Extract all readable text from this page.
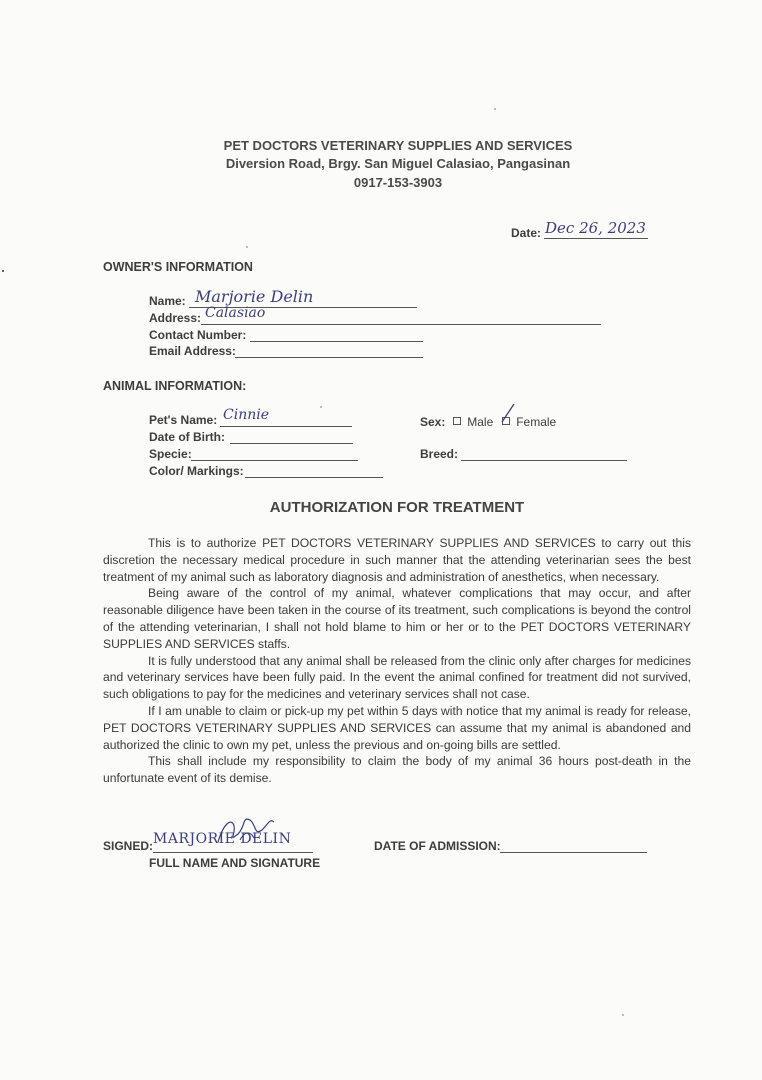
PET DOCTORS VETERINARY SUPPLIES AND SERVICES
Diversion Road, Brgy. San Miguel Calasiao, Pangasinan
0917-153-3903
Date: Dec 26, 2023
OWNER'S INFORMATION
Name: Marjorie Delin
Address: Calasiao
Contact Number:
Email Address:
ANIMAL INFORMATION:
Pet's Name: Cinnie
Date of Birth:
Specie:
Color/ Markings:
Sex: Male Female
Breed:
AUTHORIZATION FOR TREATMENT

This is to authorize PET DOCTORS VETERINARY SUPPLIES AND SERVICES to carry out this discretion the necessary medical procedure in such manner that the attending veterinarian sees the best treatment of my animal such as laboratory diagnosis and administration of anesthetics, when necessary.

Being aware of the control of my animal, whatever complications that may occur, and after reasonable diligence have been taken in the course of its treatment, such complications is beyond the control of the attending veterinarian, I shall not hold blame to him or her or to the PET DOCTORS VETERINARY SUPPLIES AND SERVICES staffs.

It is fully understood that any animal shall be released from the clinic only after charges for medicines and veterinary services have been fully paid. In the event the animal confined for treatment did not survived, such obligations to pay for the medicines and veterinary services shall not case.

If I am unable to claim or pick-up my pet within 5 days with notice that my animal is ready for release, PET DOCTORS VETERINARY SUPPLIES AND SERVICES can assume that my animal is abandoned and authorized the clinic to own my pet, unless the previous and on-going bills are settled.

This shall include my responsibility to claim the body of my animal 36 hours post-death in the unfortunate event of its demise.

SIGNED: MARJORIE DELIN
FULL NAME AND SIGNATURE
DATE OF ADMISSION:
